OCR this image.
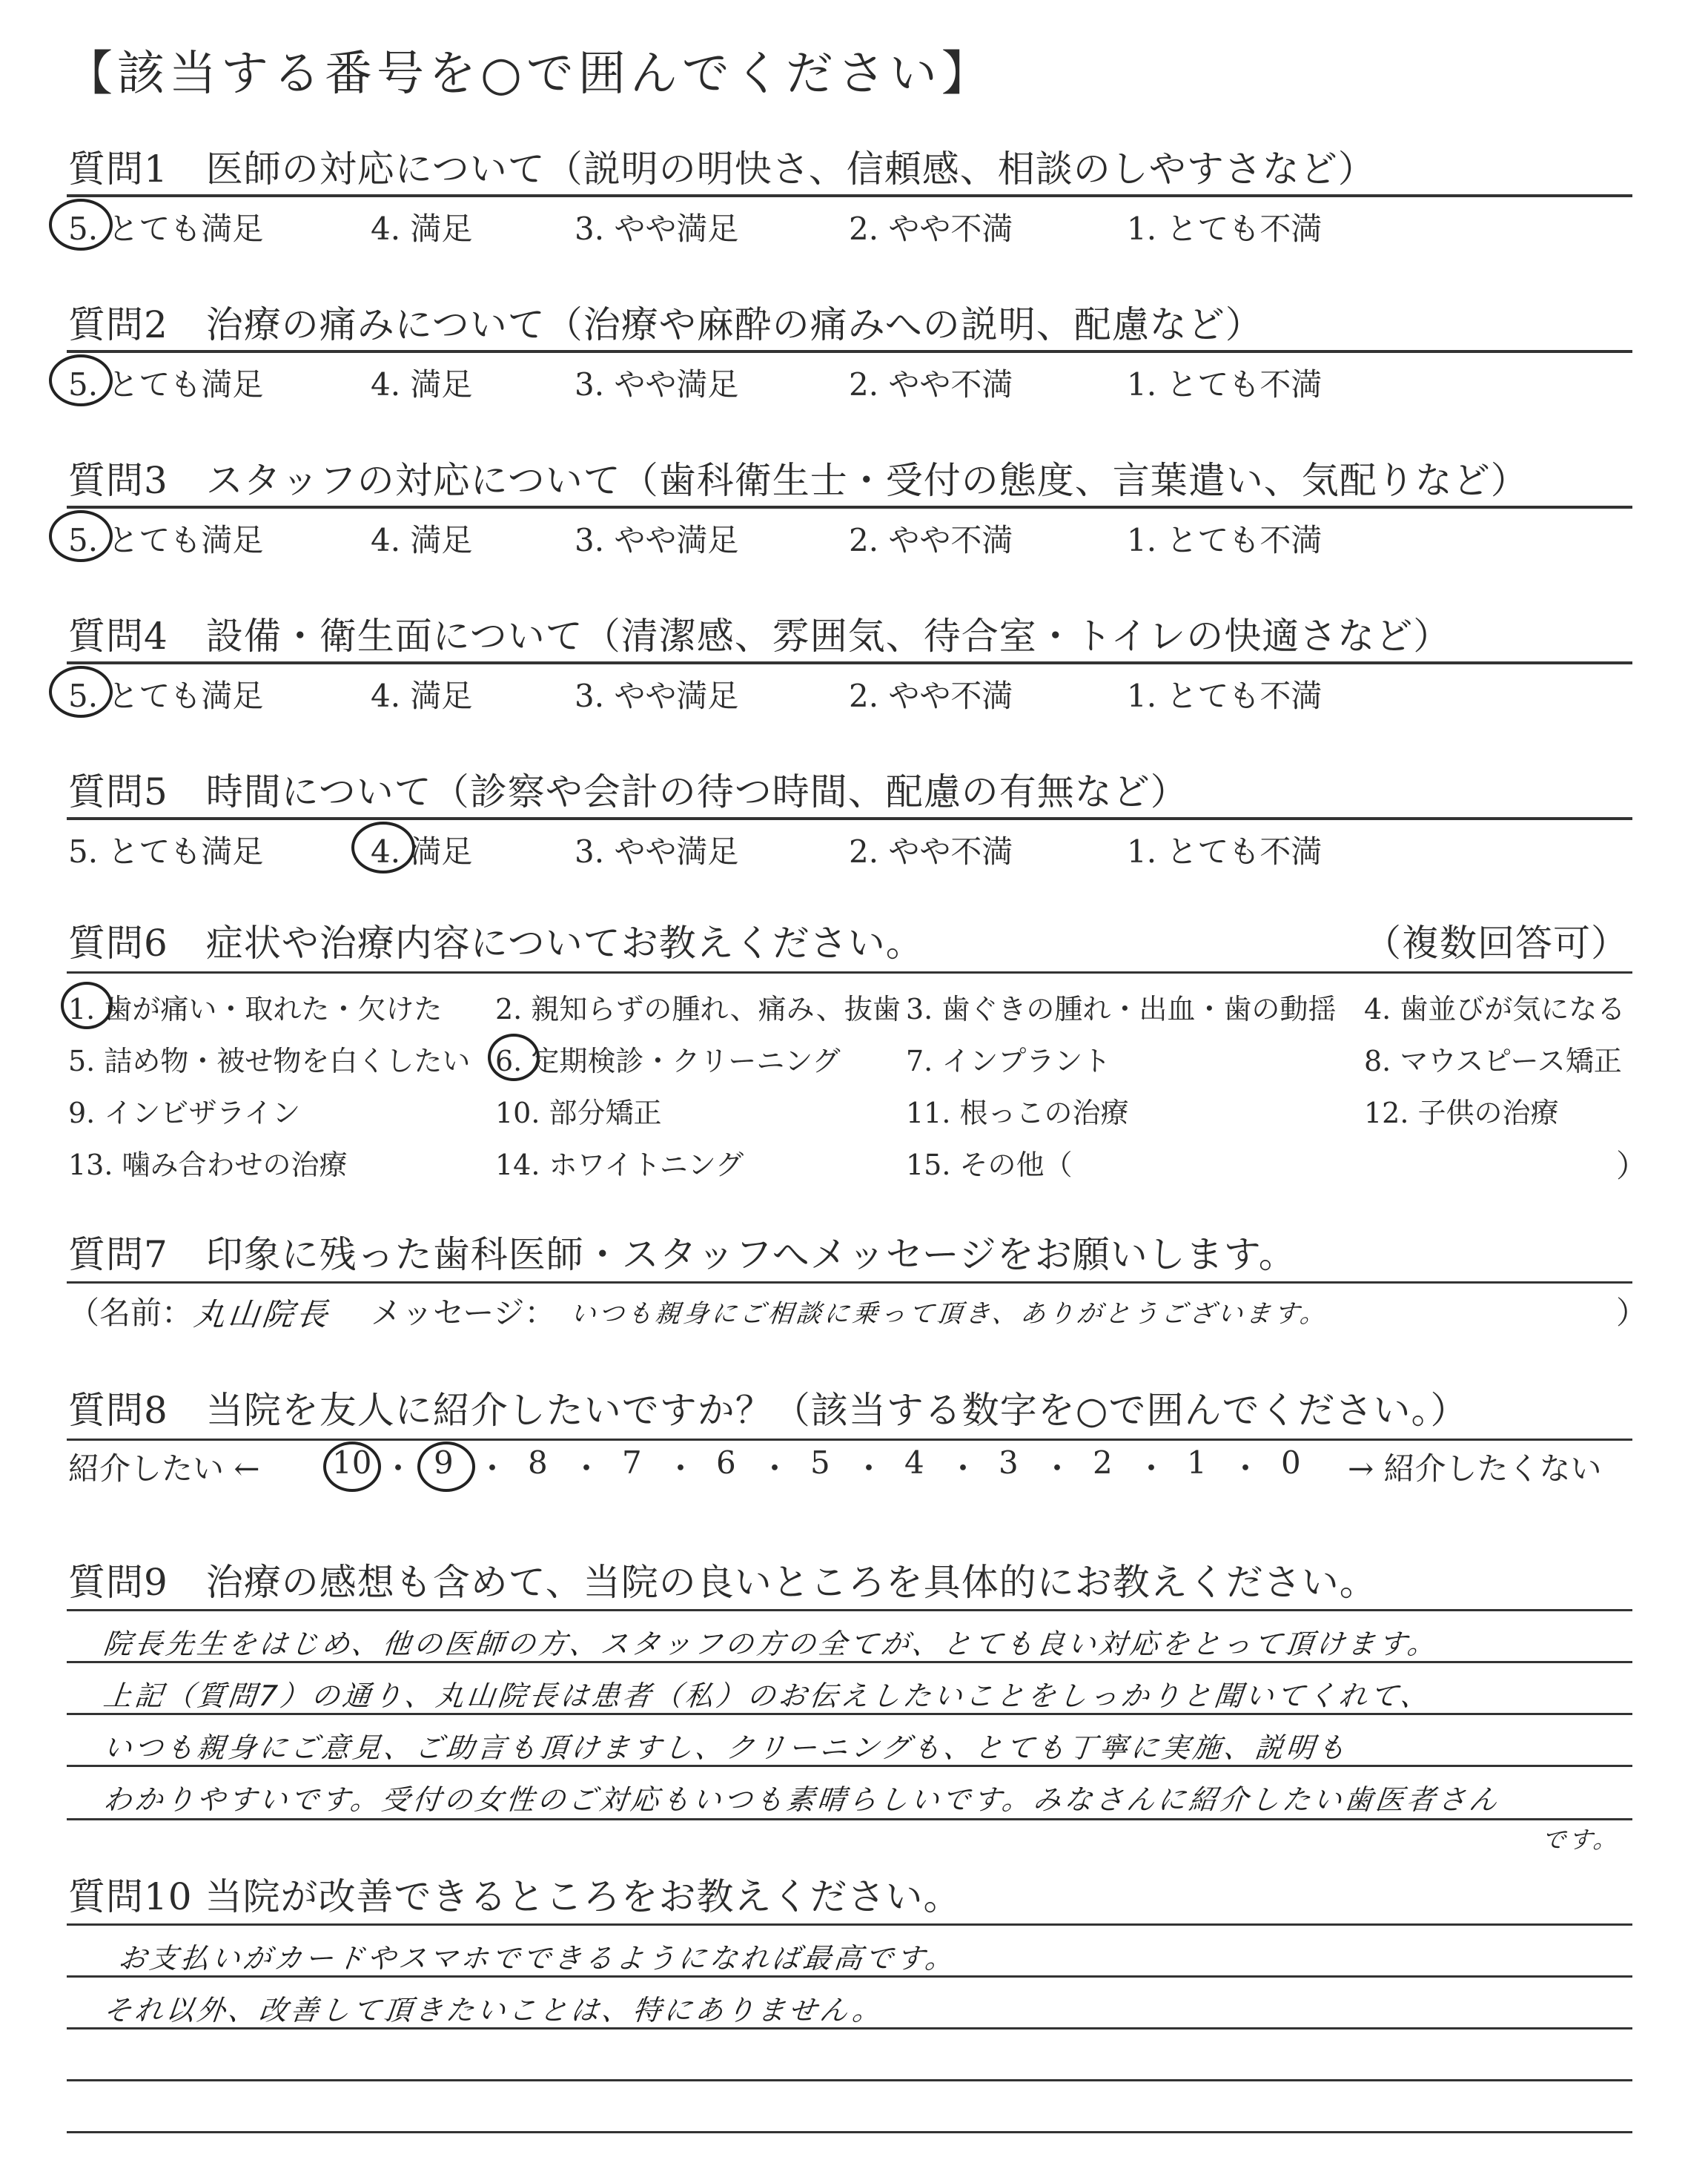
【該当する番号を○で囲んでください】
質問1　医師の対応について（説明の明快さ、信頼感、相談のしやすさなど）
5. とても満足	4. 満足	3. やや満足	2. やや不満	1. とても不満
質問2　治療の痛みについて（治療や麻酔の痛みへの説明、配慮など）
5. とても満足	4. 満足	3. やや満足	2. やや不満	1. とても不満
質問3　スタッフの対応について（歯科衛生士・受付の態度、言葉遣い、気配りなど）
5. とても満足	4. 満足	3. やや満足	2. やや不満	1. とても不満
質問4　設備・衛生面について（清潔感、雰囲気、待合室・トイレの快適さなど）
5. とても満足	4. 満足	3. やや満足	2. やや不満	1. とても不満
質問5　時間について（診察や会計の待つ時間、配慮の有無など）
5. とても満足	4. 満足	3. やや満足	2. やや不満	1. とても不満
質問6　症状や治療内容についてお教えください。	（複数回答可）
1. 歯が痛い・取れた・欠けた 2. 親知らずの腫れ、痛み、抜歯 3. 歯ぐきの腫れ・出血・歯の動揺 4. 歯並びが気になる
5. 詰め物・被せ物を白くしたい 6. 定期検診・クリーニング 7. インプラント	8. マウスピース矯正
9. インビザライン	10. 部分矯正	11. 根っこの治療	12. 子供の治療
13. 噛み合わせの治療	14. ホワイトニング	15. その他（	）
質問7　印象に残った歯科医師・スタッフへメッセージをお願いします。
（名前： 丸山院長 メッセージ： いつも親身にご相談に乗って頂き、ありがとうございます。	）
質問8　当院を友人に紹介したいですか？（該当する数字を○で囲んでください。）
紹介したい ← 10 ・ 9 ・ 8 ・ 7 ・ 6 ・ 5 ・ 4 ・ 3 ・ 2 ・ 1 ・ 0 → 紹介したくない
質問9　治療の感想も含めて、当院の良いところを具体的にお教えください。
院長先生をはじめ、他の医師の方、スタッフの方の全てが、とても良い対応をとって頂けます。
上記（質問7）の通り、丸山院長は患者（私）のお伝えしたいことをしっかりと聞いてくれて、
いつも親身にご意見、ご助言も頂けますし、クリーニングも、とても丁寧に実施、説明も
わかりやすいです。受付の女性のご対応もいつも素晴らしいです。みなさんに紹介したい歯医者さん
です。
質問10 当院が改善できるところをお教えください。
お支払いがカードやスマホでできるようになれば最高です。
それ以外、改善して頂きたいことは、特にありません。
